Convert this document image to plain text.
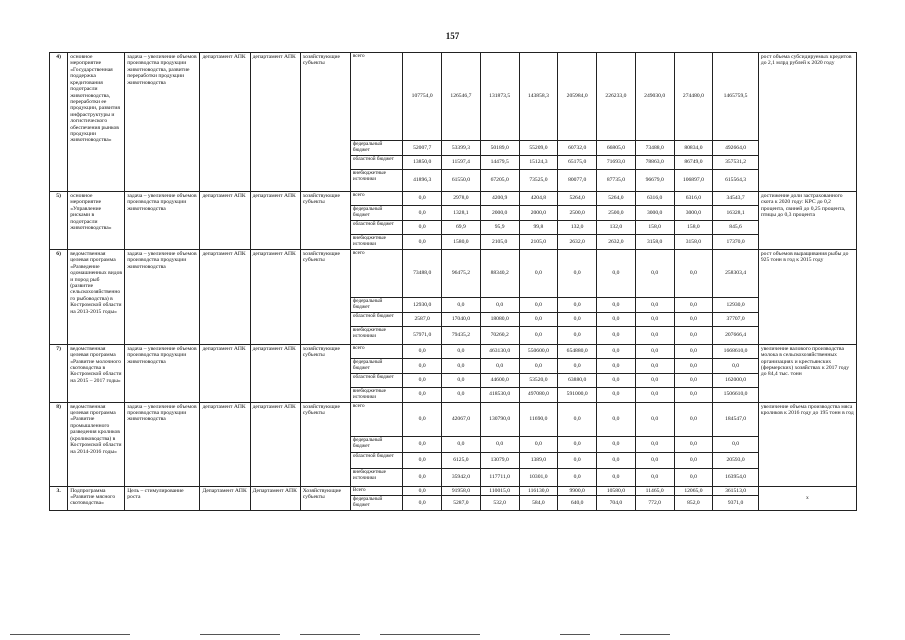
157
4)	основное мероприятие «Государственная поддержка кредитования подотрасли животноводства, переработки ее продукции, развития инфраструктуры и логистического обеспечения рынков продукции животноводства»	задача – увеличение объемов производства продукции животноводства, развитие переработки продукции животноводства	департамент АПК	департамент АПК	хозяйствующие субъекты	всего	107754,0	126546,7	131873,5	143858,3	205984,0	226233,0	249030,0	274480,0	1465759,5	рост объема субсидируемых кредитов до 2,1 млрд рублей к 2020 году
						федеральный бюджет	52007,7	53399,3	50189,0	55209,0	60732,0	66805,0	73488,0	80834,0	492664,0	
						областной бюджет	13850,0	11597,4	14479,5	15124,3	65175,0	71693,0	78863,0	86749,0	357531,2	
						внебюджетные источники	41896,3	61550,0	67205,0	73525,0	80077,0	87735,0	96679,0	106897,0	615564,3	
5)	основное мероприятие «Управление рисками в подотрасли животноводства»	задача – увеличение объемов производства продукции животноводства	департамент АПК	департамент АПК	хозяйствующие субъекты	всего	0,0	2978,0	4200,9	4204,8	5264,0	5264,0	6316,0	6316,0	34543,7	достижение доли застрахованного скота к 2020 году: КРС до 0,2 процента, свиней до 0,25 процента, птицы до 0,3 процента
						федеральный бюджет	0,0	1328,1	2000,0	2000,0	2500,0	2500,0	3000,0	3000,0	16328,1	
						областной бюджет	0,0	69,9	95,9	99,8	132,0	132,0	158,0	158,0	845,6	
						внебюджетные источники	0,0	1580,0	2105,0	2105,0	2632,0	2632,0	3158,0	3158,0	17370,0	
6)	ведомственная целевая программа «Разведение одомашненных видов и пород рыб (развитие сельскохозяйственного рыбоводства) в Костромской области на 2013-2015 годы»	задача – увеличение объемов производства продукции животноводства	департамент АПК	департамент АПК	хозяйствующие субъекты	всего	73488,0	96475,2	88340,2	0,0	0,0	0,0	0,0	0,0	258303,4	рост объемов выращивания рыбы до 925 тонн в год к 2015 году
						федеральный бюджет	12930,0	0,0	0,0	0,0	0,0	0,0	0,0	0,0	12930,0	
						областной бюджет	2587,0	17040,0	18080,0	0,0	0,0	0,0	0,0	0,0	37707,0	
						внебюджетные источники	57971,0	79435,2	70260,2	0,0	0,0	0,0	0,0	0,0	207666,4	
7)	ведомственная целевая программа «Развитие молочного скотоводства в Костромской области на 2015 – 2017 годы»	задача – увеличение объемов производства продукции животноводства	департамент АПК	департамент АПК	хозяйствующие субъекты	всего	0,0	0,0	463130,0	550600,0	654880,0	0,0	0,0	0,0	1668610,0	увеличение валового производства молока в сельскохозяйственных организациях и крестьянских (фермерских) хозяйствах к 2017 году до 84,4 тыс. тонн
						федеральный бюджет	0,0	0,0	0,0	0,0	0,0	0,0	0,0	0,0	0,0	
						областной бюджет	0,0	0,0	44600,0	53520,0	63880,0	0,0	0,0	0,0	162000,0	
						внебюджетные источники	0,0	0,0	418530,0	497080,0	591000,0	0,0	0,0	0,0	1506610,0	
8)	ведомственная целевая программа «Развитие промышленного разведения кроликов (кролиководства) в Костромской области на 2014-2016 годы»	задача – увеличение объемов производства продукции животноводства	департамент АПК	департамент АПК	хозяйствующие субъекты	всего	0,0	42067,0	130790,0	11690,0	0,0	0,0	0,0	0,0	184547,0	увеличение объема производства мяса кроликов к 2016 году до 195 тонн в год
						федеральный бюджет	0,0	0,0	0,0	0,0	0,0	0,0	0,0	0,0	0,0	
						областной бюджет	0,0	6125,0	13079,0	1389,0	0,0	0,0	0,0	0,0	20593,0	
						внебюджетные источники	0,0	35942,0	117711,0	10301,0	0,0	0,0	0,0	0,0	163954,0	
3.	Подпрограмма «Развитие мясного скотоводства»	Цель – стимулирование роста	Департамент АПК	Департамент АПК	Хозяйствующие субъекты	Всего	0,0	91958,0	110015,0	116130,0	9900,0	10580,0	11465,0	12065,0	361513,0	х
						федеральный бюджет	0,0	5287,0	532,0	584,0	640,0	704,0	772,0	852,0	9371,0	
